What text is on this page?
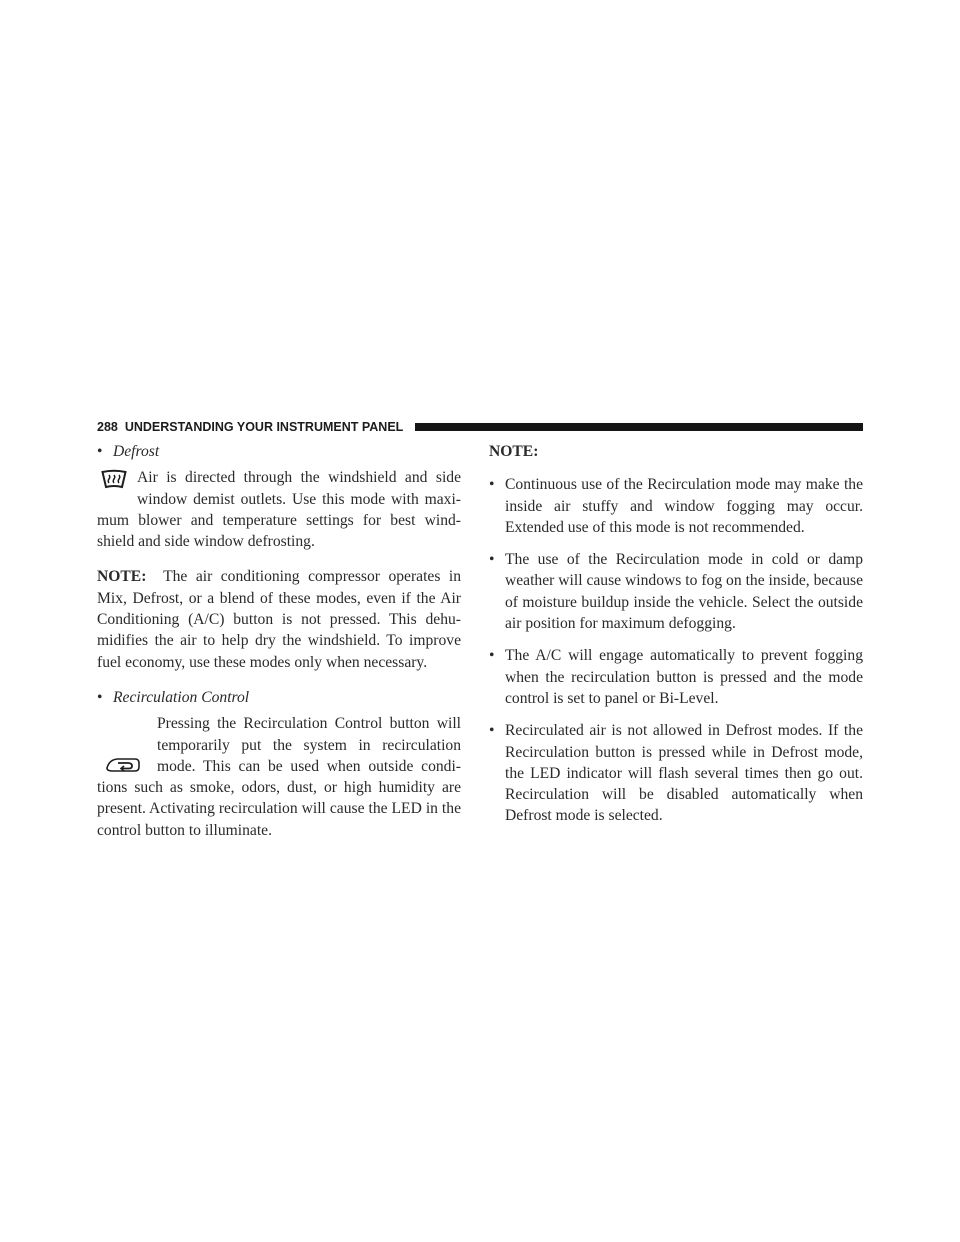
288 UNDERSTANDING YOUR INSTRUMENT PANEL
• Defrost

Air is directed through the windshield and side window demist outlets. Use this mode with maxi-mum blower and temperature settings for best wind-shield and side window defrosting.

NOTE: The air conditioning compressor operates in Mix, Defrost, or a blend of these modes, even if the Air Conditioning (A/C) button is not pressed. This dehu-midifies the air to help dry the windshield. To improve fuel economy, use these modes only when necessary.

• Recirculation Control

Pressing the Recirculation Control button will temporarily put the system in recirculation mode. This can be used when outside condi-tions such as smoke, odors, dust, or high humidity are present. Activating recirculation will cause the LED in the control button to illuminate.

NOTE:
• Continuous use of the Recirculation mode may make the inside air stuffy and window fogging may occur. Extended use of this mode is not recommended.
• The use of the Recirculation mode in cold or damp weather will cause windows to fog on the inside, because of moisture buildup inside the vehicle. Select the outside air position for maximum defogging.
• The A/C will engage automatically to prevent fogging when the recirculation button is pressed and the mode control is set to panel or Bi-Level.
• Recirculated air is not allowed in Defrost modes. If the Recirculation button is pressed while in Defrost mode, the LED indicator will flash several times then go out. Recirculation will be disabled automatically when Defrost mode is selected.
